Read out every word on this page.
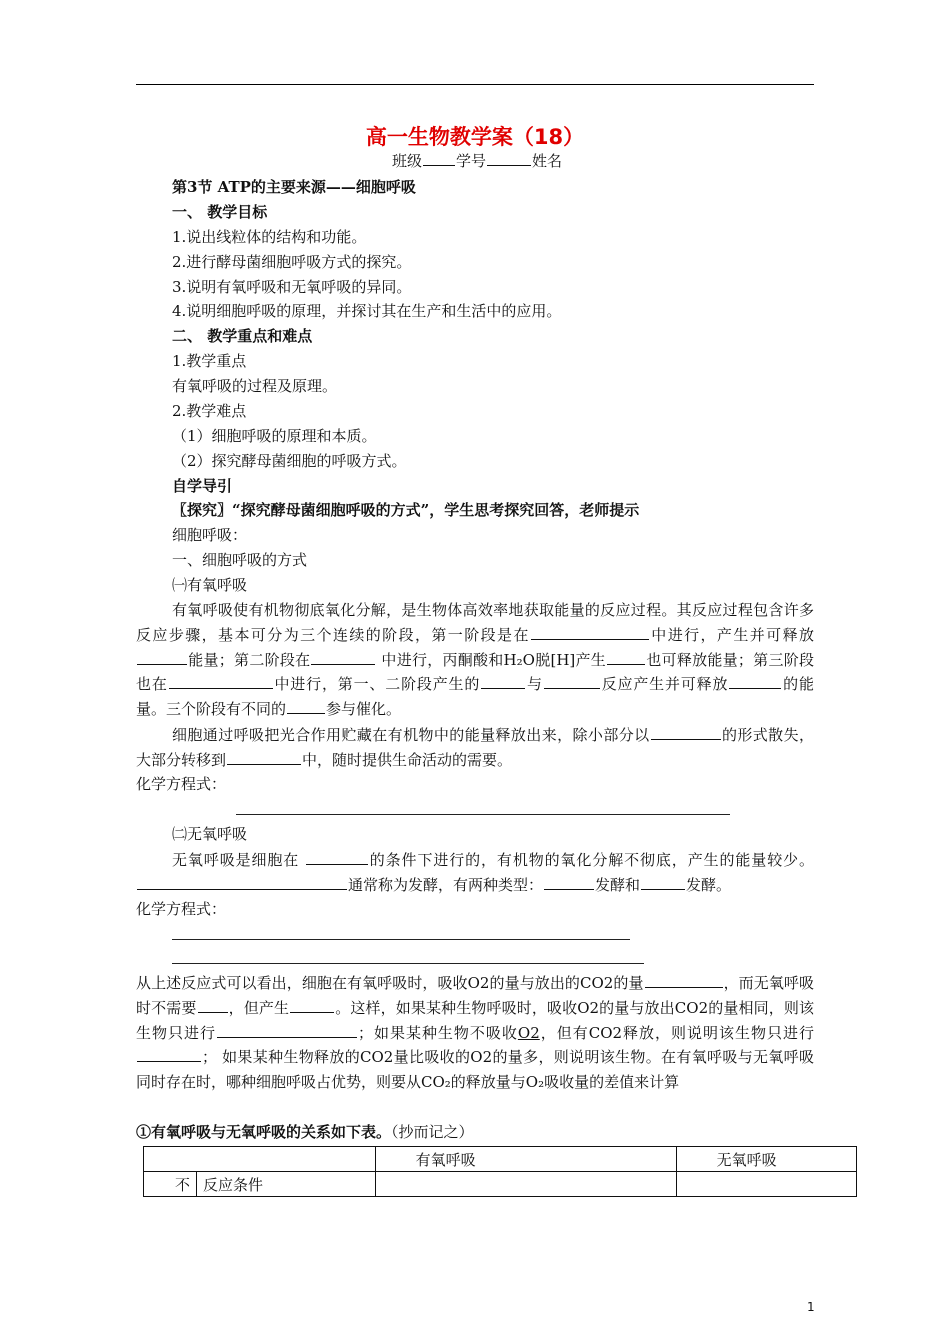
高一生物教学案（18）
班级 学号	姓名
第3节 ATP的主要来源——细胞呼吸
一、 教学目标
1.说出线粒体的结构和功能。
2.进行酵母菌细胞呼吸方式的探究。
3.说明有氧呼吸和无氧呼吸的异同。
4.说明细胞呼吸的原理，并探讨其在生产和生活中的应用。
二、 教学重点和难点
1.教学重点
有氧呼吸的过程及原理。
2.教学难点
（1）细胞呼吸的原理和本质。
（2）探究酵母菌细胞的呼吸方式。
自学导引
〖探究〗“探究酵母菌细胞呼吸的方式”，学生思考探究回答，老师提示
细胞呼吸：
一、细胞呼吸的方式
㈠有氧呼吸
有氧呼吸使有机物彻底氧化分解，是生物体高效率地获取能量的反应过程。其反应过程包含许多反应步骤，基本可分为三个连续的阶段，第一阶段是在	中进行，产生并可释放能量；第二阶段在	中进行，丙酮酸和H₂O脱[H]产生	也可释放能量；第三阶段也在	中进行，第一、二阶段产生的	与	反应产生并可释放	的能量。三个阶段有不同的	参与催化。
细胞通过呼吸把光合作用贮藏在有机物中的能量释放出来，除小部分以	的形式散失，大部分转移到	中，随时提供生命活动的需要。
化学方程式：
㈡无氧呼吸
无氧呼吸是细胞在	的条件下进行的，有机物的氧化分解不彻底，产生的能量较少。通常称为发酵，有两种类型：	发酵和	发酵。
化学方程式：
从上述反应式可以看出，细胞在有氧呼吸时，吸收O2的量与放出的CO2的量	，而无氧呼吸时不需要 ，但产生	。这样，如果某种生物呼吸时，吸收O2的量与放出CO2的量相同，则该生物只进行	；如果某种生物不吸收O2，但有CO2释放，则说明该生物只进行； 如果某种生物释放的CO2量比吸收的O2的量多，则说明该生物。在有氧呼吸与无氧呼吸同时存在时，哪种细胞呼吸占优势，则要从CO₂的释放量与O₂吸收量的差值来计算
①有氧呼吸与无氧呼吸的关系如下表。（抄而记之）
		有氧呼吸	无氧呼吸
不	反应条件		
1
